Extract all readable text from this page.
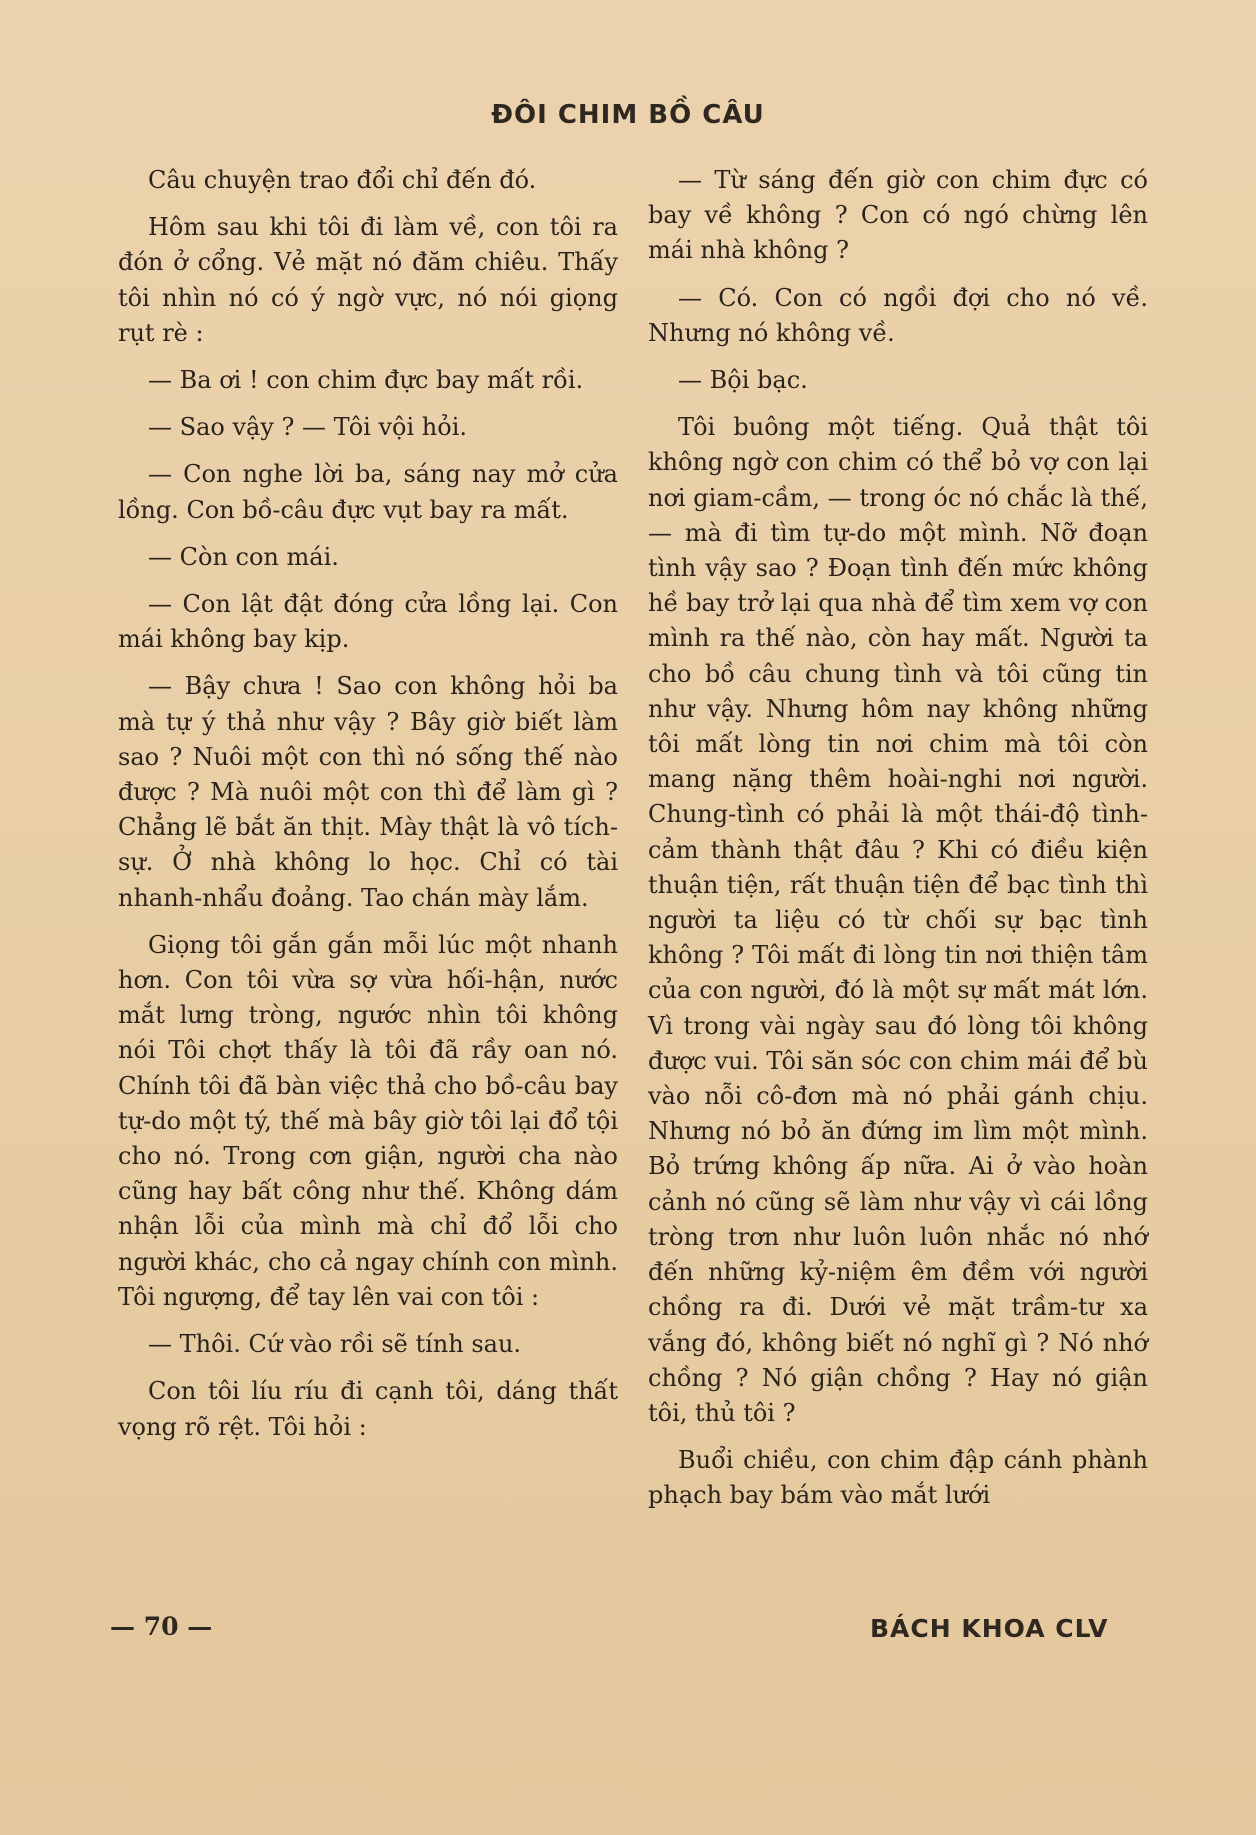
ĐÔI CHIM BỒ CÂU

Câu chuyện trao đổi chỉ đến đó.

Hôm sau khi tôi đi làm về, con tôi ra đón ở cổng. Vẻ mặt nó đăm chiêu. Thấy tôi nhìn nó có ý ngờ vực, nó nói giọng rụt rè :

— Ba ơi ! con chim đực bay mất rồi.

— Sao vậy ? — Tôi vội hỏi.

— Con nghe lời ba, sáng nay mở cửa lồng. Con bồ-câu đực vụt bay ra mất.

— Còn con mái.

— Con lật đật đóng cửa lồng lại. Con mái không bay kịp.

— Bậy chưa ! Sao con không hỏi ba mà tự ý thả như vậy ? Bây giờ biết làm sao ? Nuôi một con thì nó sống thế nào được ? Mà nuôi một con thì để làm gì ? Chẳng lẽ bắt ăn thịt. Mày thật là vô tích-sự. Ở nhà không lo học. Chỉ có tài nhanh-nhẩu đoảng. Tao chán mày lắm.

Giọng tôi gắn gắn mỗi lúc một nhanh hơn. Con tôi vừa sợ vừa hối-hận, nước mắt lưng tròng, ngước nhìn tôi không nói Tôi chợt thấy là tôi đã rầy oan nó. Chính tôi đã bàn việc thả cho bồ-câu bay tự-do một tý, thế mà bây giờ tôi lại đổ tội cho nó. Trong cơn giận, người cha nào cũng hay bất công như thế. Không dám nhận lỗi của mình mà chỉ đổ lỗi cho người khác, cho cả ngay chính con mình. Tôi ngượng, để tay lên vai con tôi :

— Thôi. Cứ vào rồi sẽ tính sau.

Con tôi líu ríu đi cạnh tôi, dáng thất vọng rõ rệt. Tôi hỏi :

— Từ sáng đến giờ con chim đực có bay về không ? Con có ngó chừng lên mái nhà không ?

— Có. Con có ngồi đợi cho nó về. Nhưng nó không về.

— Bội bạc.

Tôi buông một tiếng. Quả thật tôi không ngờ con chim có thể bỏ vợ con lại nơi giam-cầm, — trong óc nó chắc là thế, — mà đi tìm tự-do một mình. Nỡ đoạn tình vậy sao ? Đoạn tình đến mức không hề bay trở lại qua nhà để tìm xem vợ con mình ra thế nào, còn hay mất. Người ta cho bồ câu chung tình và tôi cũng tin như vậy. Nhưng hôm nay không những tôi mất lòng tin nơi chim mà tôi còn mang nặng thêm hoài-nghi nơi người. Chung-tình có phải là một thái-độ tình-cảm thành thật đâu ? Khi có điều kiện thuận tiện, rất thuận tiện để bạc tình thì người ta liệu có từ chối sự bạc tình không ? Tôi mất đi lòng tin nơi thiện tâm của con người, đó là một sự mất mát lớn. Vì trong vài ngày sau đó lòng tôi không được vui. Tôi săn sóc con chim mái để bù vào nỗi cô-đơn mà nó phải gánh chịu. Nhưng nó bỏ ăn đứng im lìm một mình. Bỏ trứng không ấp nữa. Ai ở vào hoàn cảnh nó cũng sẽ làm như vậy vì cái lồng tròng trơn như luôn luôn nhắc nó nhớ đến những kỷ-niệm êm đềm với người chồng ra đi. Dưới vẻ mặt trầm-tư xa vắng đó, không biết nó nghĩ gì ? Nó nhớ chồng ? Nó giận chồng ? Hay nó giận tôi, thủ tôi ?

Buổi chiều, con chim đập cánh phành phạch bay bám vào mắt lưới

— 70 —	BÁCH KHOA CLV
